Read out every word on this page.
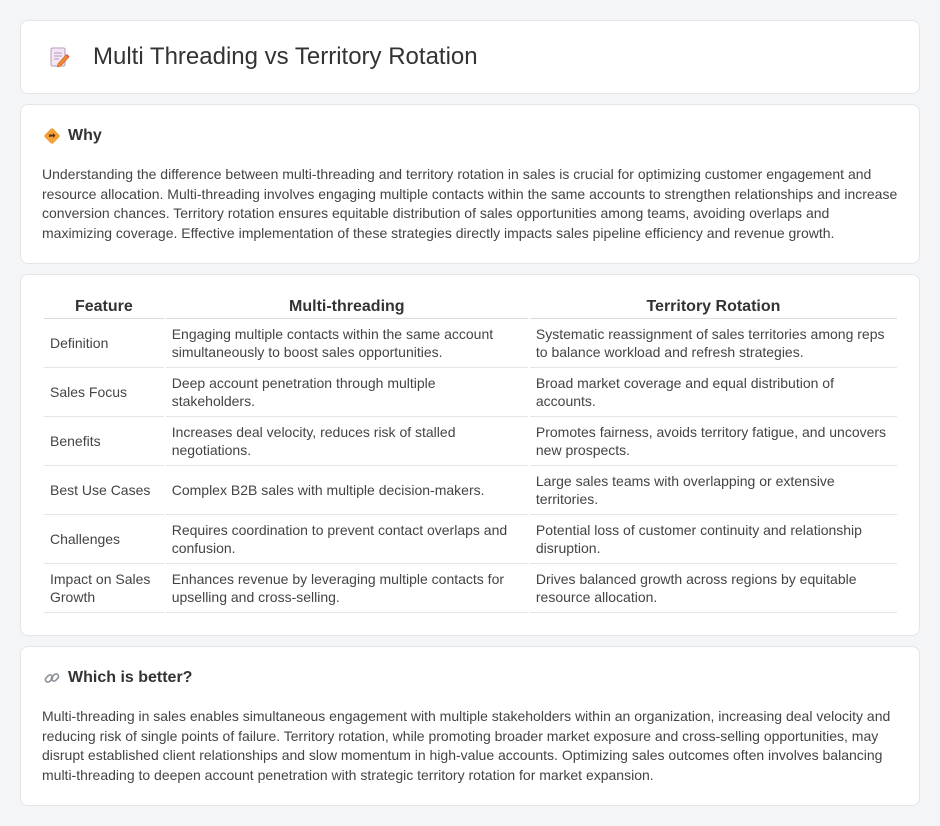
Multi Threading vs Territory Rotation
Why

Understanding the difference between multi-threading and territory rotation in sales is crucial for optimizing customer engagement and resource allocation. Multi-threading involves engaging multiple contacts within the same accounts to strengthen relationships and increase conversion chances. Territory rotation ensures equitable distribution of sales opportunities among teams, avoiding overlaps and maximizing coverage. Effective implementation of these strategies directly impacts sales pipeline efficiency and revenue growth.

Feature	Multi-threading	Territory Rotation
Definition	Engaging multiple contacts within the same account simultaneously to boost sales opportunities.	Systematic reassignment of sales territories among reps to balance workload and refresh strategies.
Sales Focus	Deep account penetration through multiple stakeholders.	Broad market coverage and equal distribution of accounts.
Benefits	Increases deal velocity, reduces risk of stalled negotiations.	Promotes fairness, avoids territory fatigue, and uncovers new prospects.
Best Use Cases	Complex B2B sales with multiple decision-makers.	Large sales teams with overlapping or extensive territories.
Challenges	Requires coordination to prevent contact overlaps and confusion.	Potential loss of customer continuity and relationship disruption.
Impact on Sales Growth	Enhances revenue by leveraging multiple contacts for upselling and cross-selling.	Drives balanced growth across regions by equitable resource allocation.
Which is better?

Multi-threading in sales enables simultaneous engagement with multiple stakeholders within an organization, increasing deal velocity and reducing risk of single points of failure. Territory rotation, while promoting broader market exposure and cross-selling opportunities, may disrupt established client relationships and slow momentum in high-value accounts. Optimizing sales outcomes often involves balancing multi-threading to deepen account penetration with strategic territory rotation for market expansion.
